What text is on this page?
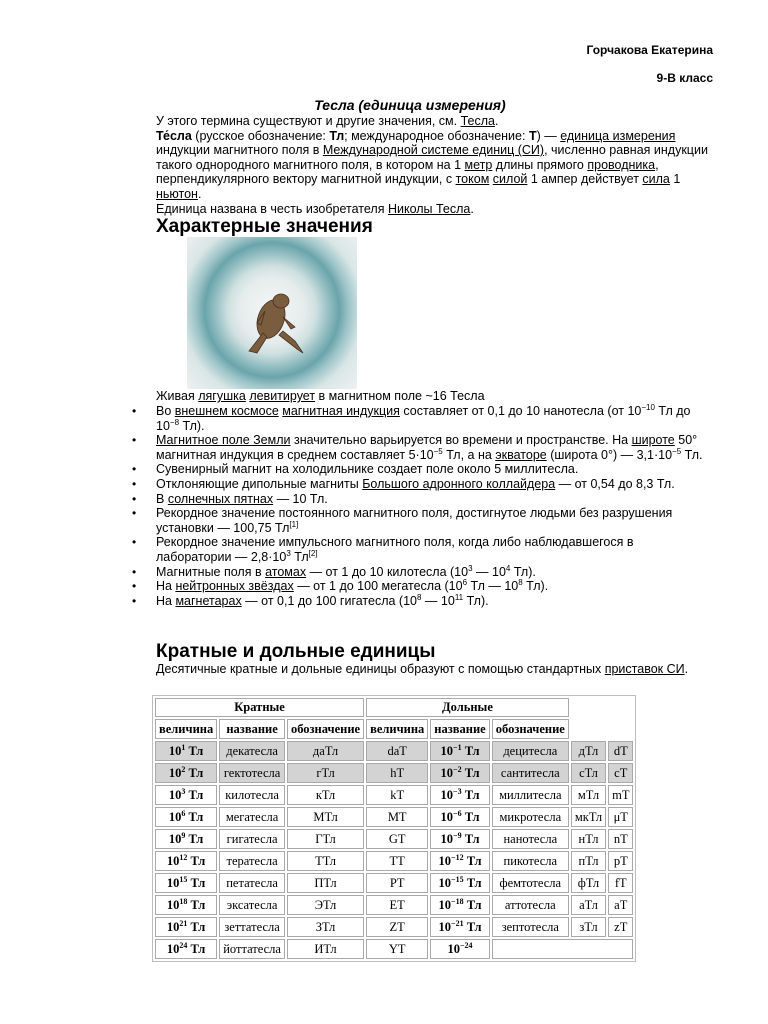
Горчакова Екатерина
9-В класс
Тесла (единица измерения)
У этого термина существуют и другие значения, см. Тесла.
Те́сла (русское обозначение: Тл; международное обозначение: T) — единица измерения индукции магнитного поля в Международной системе единиц (СИ), численно равная индукции такого однородного магнитного поля, в котором на 1 метр длины прямого проводника, перпендикулярного вектору магнитной индукции, с током силой 1 ампер действует сила 1 ньютон.
Единица названа в честь изобретателя Николы Тесла.
Характерные значения
Живая лягушка левитирует в магнитном поле ~16 Тесла
• Во внешнем космосе магнитная индукция составляет от 0,1 до 10 нанотесла (от $10^{-10}$ Тл до $10^{-8}$ Тл).
• Магнитное поле Земли значительно варьируется во времени и пространстве. На широте 50° магнитная индукция в среднем составляет $5\cdot 10^{-5}$ Тл, а на экваторе (широта 0°) — $3,1\cdot 10^{-5}$ Тл.
• Сувенирный магнит на холодильнике создает поле около 5 миллитесла.
• Отклоняющие дипольные магниты Большого адронного коллайдера — от 0,54 до 8,3 Тл.
• В солнечных пятнах — 10 Тл.
• Рекордное значение постоянного магнитного поля, достигнутое людьми без разрушения установки — 100,75 Тл[1]
• Рекордное значение импульсного магнитного поля, когда либо наблюдавшегося в лаборатории — $2,8\cdot 10^3$ Тл[2]
• Магнитные поля в атомах — от 1 до 10 килотесла ($10^3$ — $10^4$ Тл).
• На нейтронных звёздах — от 1 до 100 мегатесла ($10^6$ Тл — $10^8$ Тл).
• На магнетарах — от 0,1 до 100 гигатесла ($10^8$ — $10^{11}$ Тл).
Кратные и дольные единицы
Десятичные кратные и дольные единицы образуют с помощью стандартных приставок СИ.
Кратные			Дольные				
величина	название	обозначение	величина	название	обозначение		
$10^1$ Тл	декатесла	даТл	daT	$10^{-1}$ Тл	децитесла	дТл	dT
$10^2$ Тл	гектотесла	гТл	hT	$10^{-2}$ Тл	сантитесла	сТл	cT
$10^3$ Тл	килотесла	кТл	kT	$10^{-3}$ Тл	миллитесла	мТл	mT
$10^6$ Тл	мегатесла	МТл	MT	$10^{-6}$ Тл	микротесла	мкТл	μT
$10^9$ Тл	гигатесла	ГТл	GT	$10^{-9}$ Тл	нанотесла	нТл	nT
$10^{12}$ Тл	тератесла	ТТл	TT	$10^{-12}$ Тл	пикотесла	пТл	pT
$10^{15}$ Тл	петатесла	ПТл	PT	$10^{-15}$ Тл	фемтотесла	фТл	fT
$10^{18}$ Тл	эксатесла	ЭТл	ET	$10^{-18}$ Тл	аттотесла	аТл	aT
$10^{21}$ Тл	зеттатесла	ЗТл	ZT	$10^{-21}$ Тл	зептотесла	зТл	zT
$10^{24}$ Тл	йоттатесла	ИТл	YT	$10^{-24}$	
